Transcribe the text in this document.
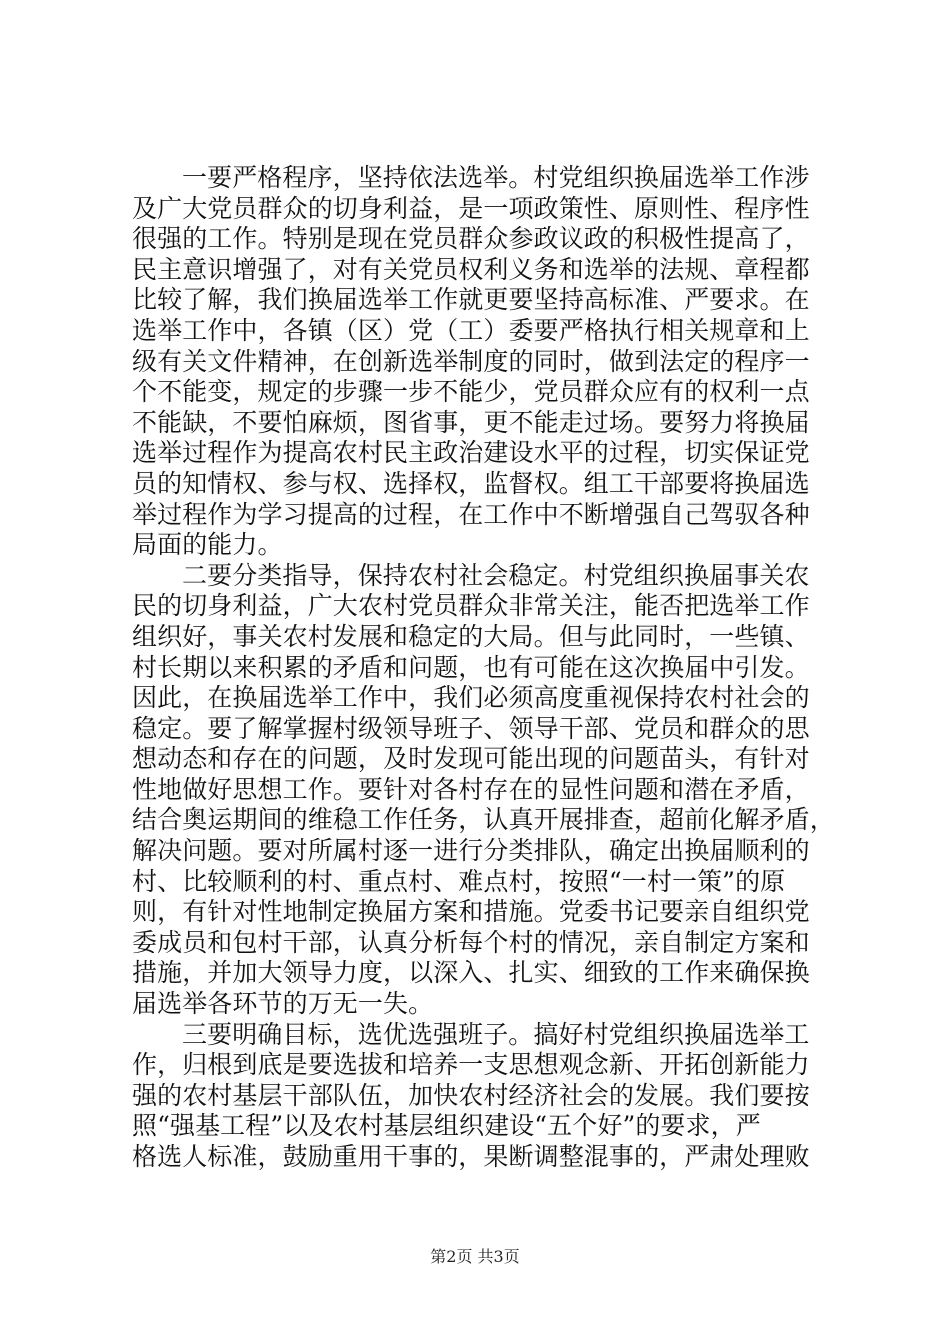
一要严格程序，坚持依法选举。村党组织换届选举工作涉
及广大党员群众的切身利益，是一项政策性、原则性、程序性
很强的工作。特别是现在党员群众参政议政的积极性提高了，
民主意识增强了，对有关党员权利义务和选举的法规、章程都
比较了解，我们换届选举工作就更要坚持高标准、严要求。在
选举工作中，各镇（区）党（工）委要严格执行相关规章和上
级有关文件精神，在创新选举制度的同时，做到法定的程序一
个不能变，规定的步骤一步不能少，党员群众应有的权利一点
不能缺，不要怕麻烦，图省事，更不能走过场。要努力将换届
选举过程作为提高农村民主政治建设水平的过程，切实保证党
员的知情权、参与权、选择权，监督权。组工干部要将换届选
举过程作为学习提高的过程，在工作中不断增强自己驾驭各种
局面的能力。
二要分类指导，保持农村社会稳定。村党组织换届事关农
民的切身利益，广大农村党员群众非常关注，能否把选举工作
组织好，事关农村发展和稳定的大局。但与此同时，一些镇、
村长期以来积累的矛盾和问题，也有可能在这次换届中引发。
因此，在换届选举工作中，我们必须高度重视保持农村社会的
稳定。要了解掌握村级领导班子、领导干部、党员和群众的思
想动态和存在的问题，及时发现可能出现的问题苗头，有针对
性地做好思想工作。要针对各村存在的显性问题和潜在矛盾，
结合奥运期间的维稳工作任务，认真开展排查，超前化解矛盾，
解决问题。要对所属村逐一进行分类排队，确定出换届顺利的
村、比较顺利的村、重点村、难点村，按照“一村一策”的原
则，有针对性地制定换届方案和措施。党委书记要亲自组织党
委成员和包村干部，认真分析每个村的情况，亲自制定方案和
措施，并加大领导力度，以深入、扎实、细致的工作来确保换
届选举各环节的万无一失。
三要明确目标，选优选强班子。搞好村党组织换届选举工
作，归根到底是要选拔和培养一支思想观念新、开拓创新能力
强的农村基层干部队伍，加快农村经济社会的发展。我们要按
照“强基工程”以及农村基层组织建设“五个好”的要求，严
格选人标准，鼓励重用干事的，果断调整混事的，严肃处理败
第2页 共3页
